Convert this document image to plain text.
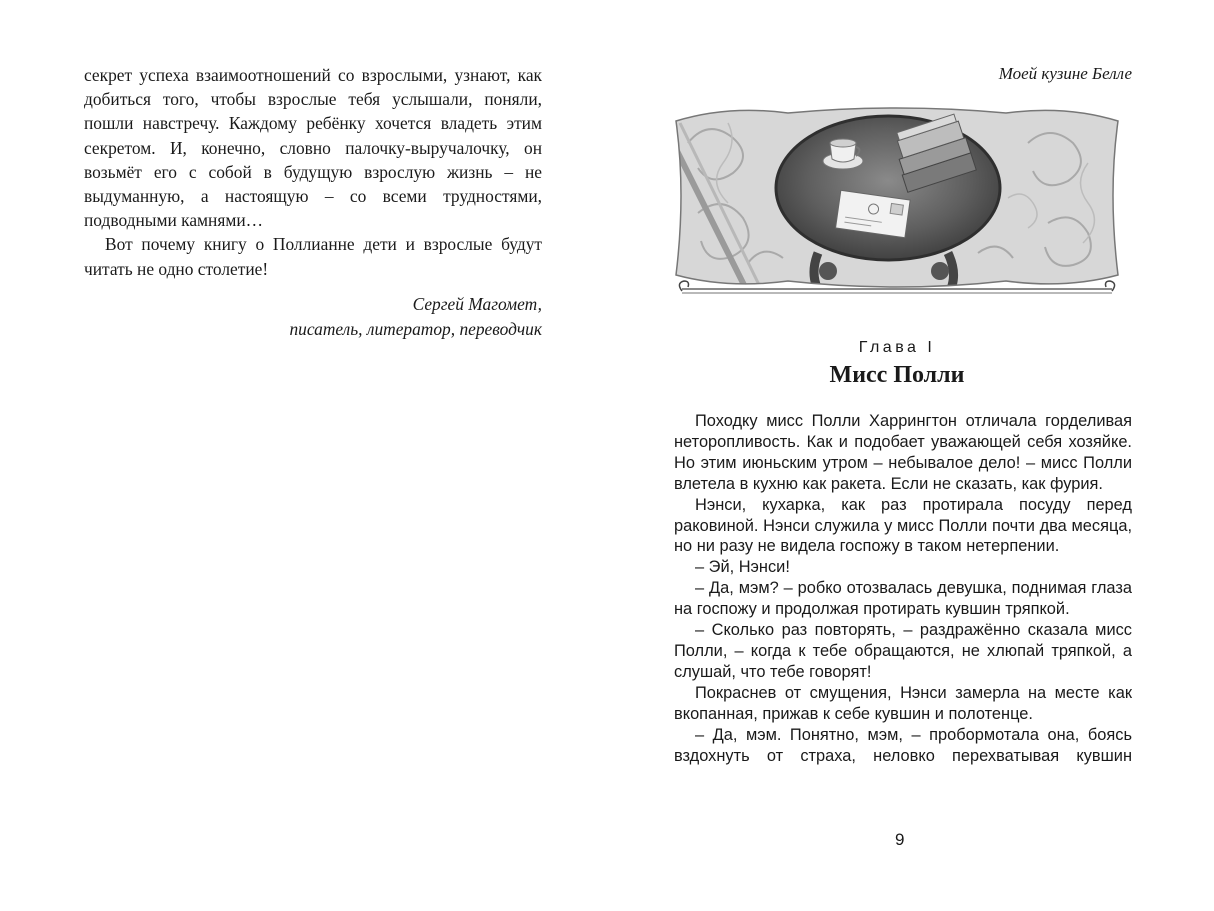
секрет успеха взаимоотношений со взрослыми, узнают, как добиться того, чтобы взрослые тебя услышали, поняли, пошли навстречу. Каждому ребёнку хочется владеть этим секретом. И, конечно, словно палочку-выручалочку, он возьмёт его с собой в будущую взрослую жизнь – не выдуманную, а настоящую – со всеми трудностями, подводными камнями…

Вот почему книгу о Поллианне дети и взрослые будут читать не одно столетие!

Сергей Магомет,
писатель, литератор, переводчик
Моей кузине Белле
Глава I
Мисс Полли

Походку мисс Полли Харрингтон отличала горделивая неторопливость. Как и подобает уважающей себя хозяйке. Но этим июньским утром – небывалое дело! – мисс Полли влетела в кухню как ракета. Если не сказать, как фурия.

Нэнси, кухарка, как раз протирала посуду перед раковиной. Нэнси служила у мисс Полли почти два месяца, но ни разу не видела госпожу в таком нетерпении.

– Эй, Нэнси!

– Да, мэм? – робко отозвалась девушка, поднимая глаза на госпожу и продолжая протирать кувшин тряпкой.

– Сколько раз повторять, – раздражённо сказала мисс Полли, – когда к тебе обращаются, не хлюпай тряпкой, а слушай, что тебе говорят!

Покраснев от смущения, Нэнси замерла на месте как вкопанная, прижав к себе кувшин и полотенце.

– Да, мэм. Понятно, мэм, – пробормотала она, боясь вздохнуть от страха, неловко перехватывая кувшин

9
